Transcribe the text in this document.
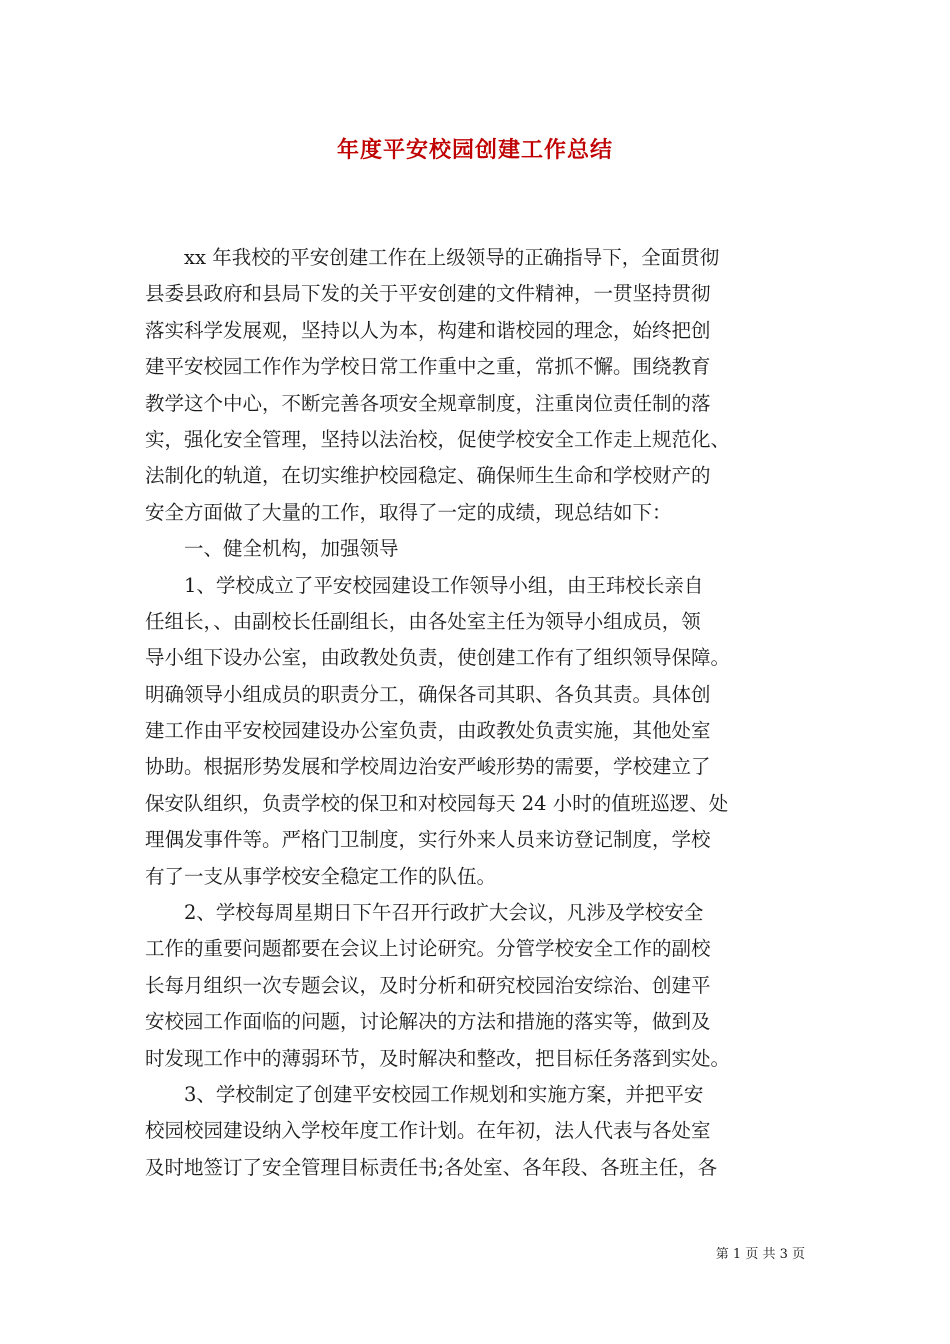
年度平安校园创建工作总结
xx 年我校的平安创建工作在上级领导的正确指导下，全面贯彻
县委县政府和县局下发的关于平安创建的文件精神，一贯坚持贯彻
落实科学发展观，坚持以人为本，构建和谐校园的理念，始终把创
建平安校园工作作为学校日常工作重中之重，常抓不懈。围绕教育
教学这个中心，不断完善各项安全规章制度，注重岗位责任制的落
实，强化安全管理，坚持以法治校，促使学校安全工作走上规范化、
法制化的轨道，在切实维护校园稳定、确保师生生命和学校财产的
安全方面做了大量的工作，取得了一定的成绩，现总结如下：
一、健全机构，加强领导
1、学校成立了平安校园建设工作领导小组，由王玮校长亲自
任组长，、由副校长任副组长，由各处室主任为领导小组成员，领
导小组下设办公室，由政教处负责，使创建工作有了组织领导保障。
明确领导小组成员的职责分工，确保各司其职、各负其责。具体创
建工作由平安校园建设办公室负责，由政教处负责实施，其他处室
协助。根据形势发展和学校周边治安严峻形势的需要，学校建立了
保安队组织，负责学校的保卫和对校园每天 24 小时的值班巡逻、处
理偶发事件等。严格门卫制度，实行外来人员来访登记制度，学校
有了一支从事学校安全稳定工作的队伍。
2、学校每周星期日下午召开行政扩大会议，凡涉及学校安全
工作的重要问题都要在会议上讨论研究。分管学校安全工作的副校
长每月组织一次专题会议，及时分析和研究校园治安综治、创建平
安校园工作面临的问题，讨论解决的方法和措施的落实等，做到及
时发现工作中的薄弱环节，及时解决和整改，把目标任务落到实处。
3、学校制定了创建平安校园工作规划和实施方案，并把平安
校园校园建设纳入学校年度工作计划。在年初，法人代表与各处室
及时地签订了安全管理目标责任书;各处室、各年段、各班主任，各
第 1 页 共 3 页
